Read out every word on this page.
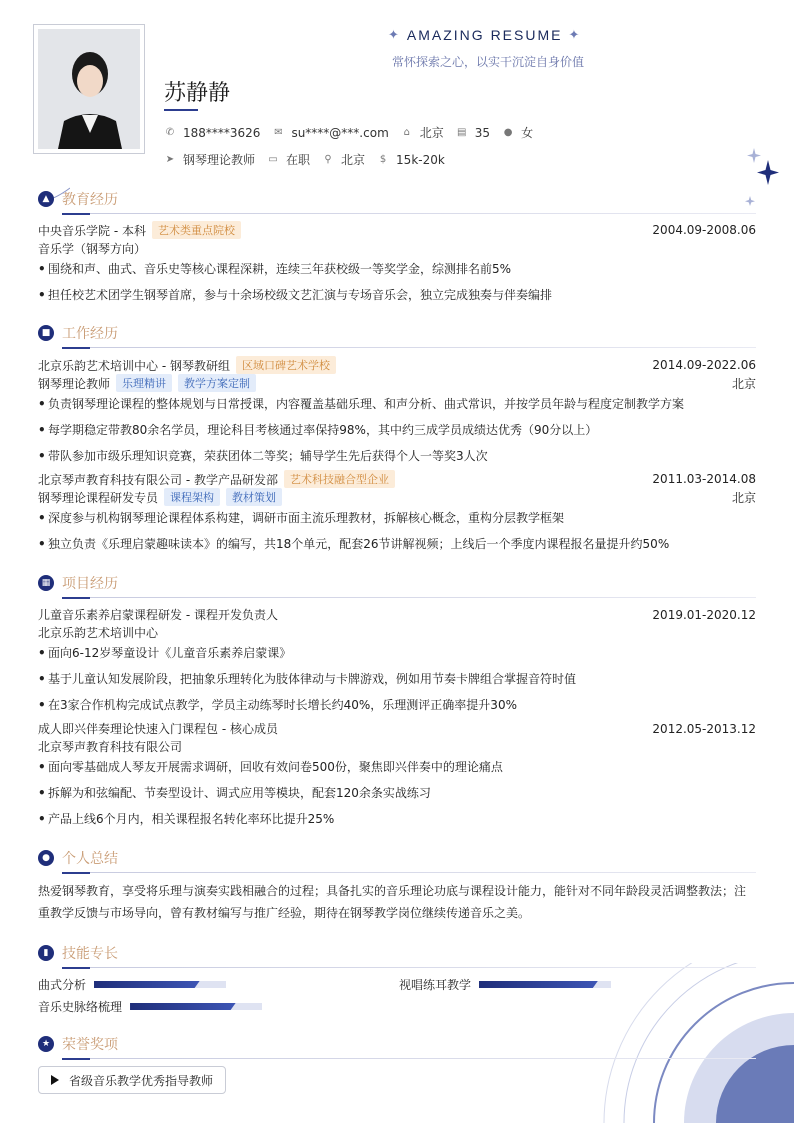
✦ AMAZING RESUME ✦
常怀探索之心，以实干沉淀自身价值
苏静静
✆ 188****3626 ✉ su****@***.com ⌂ 北京 ▤ 35 ● 女
➤ 钢琴理论教师 ▭ 在职 ⚲ 北京 $ 15k-20k
▲ 教育经历
中央音乐学院 - 本科	艺术类重点院校	2004.09-2008.06
音乐学（钢琴方向）
• 围绕和声、曲式、音乐史等核心课程深耕，连续三年获校级一等奖学金，综测排名前5%
• 担任校艺术团学生钢琴首席，参与十余场校级文艺汇演与专场音乐会，独立完成独奏与伴奏编排
■ 工作经历
北京乐韵艺术培训中心 - 钢琴教研组	区域口碑艺术学校	2014.09-2022.06
钢琴理论教师	乐理精讲	教学方案定制	北京
• 负责钢琴理论课程的整体规划与日常授课，内容覆盖基础乐理、和声分析、曲式常识，并按学员年龄与程度定制教学方案
• 每学期稳定带教80余名学员，理论科目考核通过率保持98%，其中约三成学员成绩达优秀（90分以上）
• 带队参加市级乐理知识竞赛，荣获团体二等奖；辅导学生先后获得个人一等奖3人次
北京琴声教育科技有限公司 - 教学产品研发部	艺术科技融合型企业	2011.03-2014.08
钢琴理论课程研发专员	课程架构	教材策划	北京
• 深度参与机构钢琴理论课程体系构建，调研市面主流乐理教材，拆解核心概念，重构分层教学框架
• 独立负责《乐理启蒙趣味读本》的编写，共18个单元，配套26节讲解视频；上线后一个季度内课程报名量提升约50%
▦ 项目经历
儿童音乐素养启蒙课程研发 - 课程开发负责人	2019.01-2020.12
北京乐韵艺术培训中心
• 面向6-12岁琴童设计《儿童音乐素养启蒙课》
• 基于儿童认知发展阶段，把抽象乐理转化为肢体律动与卡牌游戏，例如用节奏卡牌组合掌握音符时值
• 在3家合作机构完成试点教学，学员主动练琴时长增长约40%，乐理测评正确率提升30%
成人即兴伴奏理论快速入门课程包 - 核心成员	2012.05-2013.12
北京琴声教育科技有限公司
• 面向零基础成人琴友开展需求调研，回收有效问卷500份，聚焦即兴伴奏中的理论痛点
• 拆解为和弦编配、节奏型设计、调式应用等模块，配套120余条实战练习
• 产品上线6个月内，相关课程报名转化率环比提升25%
● 个人总结
热爱钢琴教育，享受将乐理与演奏实践相融合的过程；具备扎实的音乐理论功底与课程设计能力，能针对不同年龄段灵活调整教法；注
重教学反馈与市场导向，曾有教材编写与推广经验，期待在钢琴教学岗位继续传递音乐之美。
▮ 技能专长
曲式分析	视唱练耳教学
音乐史脉络梳理
★ 荣誉奖项
省级音乐教学优秀指导教师
